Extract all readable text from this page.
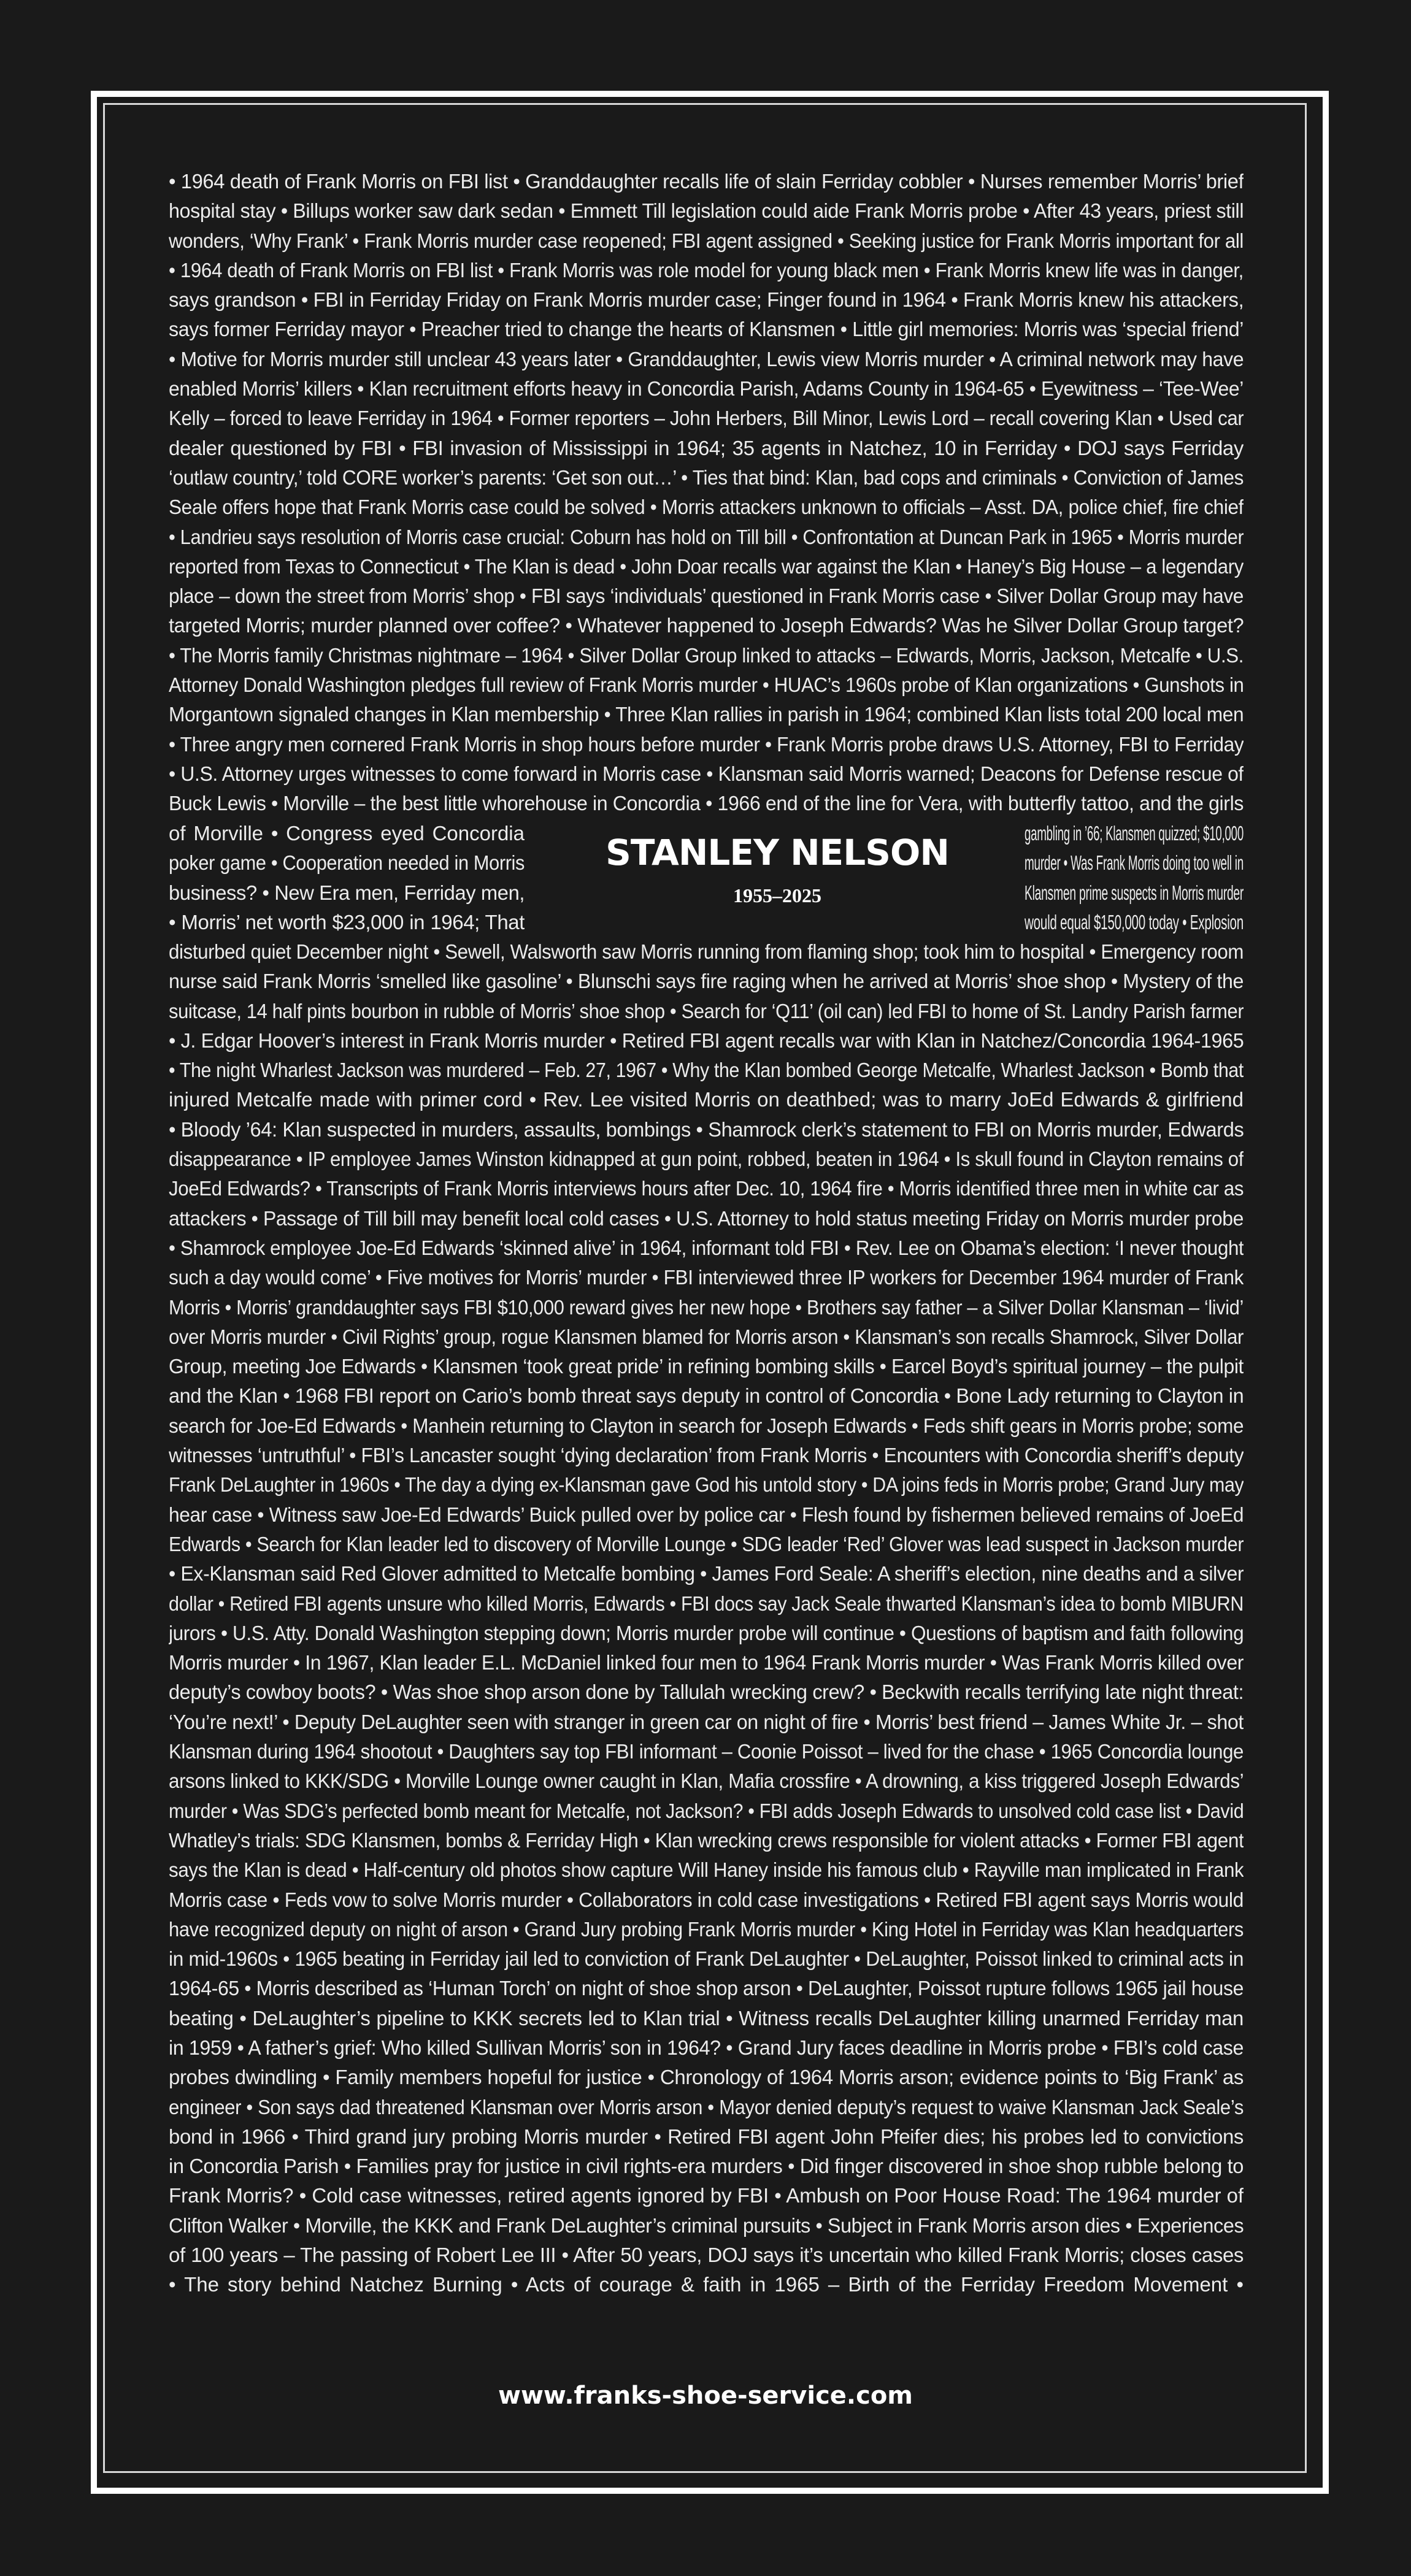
• 1964 death of Frank Morris on FBI list • Granddaughter recalls life of slain Ferriday cobbler • Nurses remember Morris’ brief
hospital stay • Billups worker saw dark sedan • Emmett Till legislation could aide Frank Morris probe • After 43 years, priest still
wonders, ‘Why Frank’ • Frank Morris murder case reopened; FBI agent assigned • Seeking justice for Frank Morris important for all
• 1964 death of Frank Morris on FBI list • Frank Morris was role model for young black men • Frank Morris knew life was in danger,
says grandson • FBI in Ferriday Friday on Frank Morris murder case; Finger found in 1964 • Frank Morris knew his attackers,
says former Ferriday mayor • Preacher tried to change the hearts of Klansmen • Little girl memories: Morris was ‘special friend’
• Motive for Morris murder still unclear 43 years later • Granddaughter, Lewis view Morris murder • A criminal network may have
enabled Morris’ killers • Klan recruitment efforts heavy in Concordia Parish, Adams County in 1964-65 • Eyewitness – ‘Tee-Wee’
Kelly – forced to leave Ferriday in 1964 • Former reporters – John Herbers, Bill Minor, Lewis Lord – recall covering Klan • Used car
dealer questioned by FBI • FBI invasion of Mississippi in 1964; 35 agents in Natchez, 10 in Ferriday • DOJ says Ferriday
‘outlaw country,’ told CORE worker’s parents: ‘Get son out…’ • Ties that bind: Klan, bad cops and criminals • Conviction of James
Seale offers hope that Frank Morris case could be solved • Morris attackers unknown to officials – Asst. DA, police chief, fire chief
• Landrieu says resolution of Morris case crucial: Coburn has hold on Till bill • Confrontation at Duncan Park in 1965 • Morris murder
reported from Texas to Connecticut • The Klan is dead • John Doar recalls war against the Klan • Haney’s Big House – a legendary
place – down the street from Morris’ shop • FBI says ‘individuals’ questioned in Frank Morris case • Silver Dollar Group may have
targeted Morris; murder planned over coffee? • Whatever happened to Joseph Edwards? Was he Silver Dollar Group target?
• The Morris family Christmas nightmare – 1964 • Silver Dollar Group linked to attacks – Edwards, Morris, Jackson, Metcalfe • U.S.
Attorney Donald Washington pledges full review of Frank Morris murder • HUAC’s 1960s probe of Klan organizations • Gunshots in
Morgantown signaled changes in Klan membership • Three Klan rallies in parish in 1964; combined Klan lists total 200 local men
• Three angry men cornered Frank Morris in shop hours before murder • Frank Morris probe draws U.S. Attorney, FBI to Ferriday
• U.S. Attorney urges witnesses to come forward in Morris case • Klansman said Morris warned; Deacons for Defense rescue of
Buck Lewis • Morville – the best little whorehouse in Concordia • 1966 end of the line for Vera, with butterfly tattoo, and the girls
of Morville • Congress eyed Concordia
poker game • Cooperation needed in Morris
business? • New Era men, Ferriday men,
• Morris’ net worth $23,000 in 1964; That
STANLEY NELSON
1955–2025
gambling in ’66; Klansmen quizzed; $10,000
murder • Was Frank Morris doing too well in
Klansmen prime suspects in Morris murder
would equal $150,000 today • Explosion
disturbed quiet December night • Sewell, Walsworth saw Morris running from flaming shop; took him to hospital • Emergency room
nurse said Frank Morris ‘smelled like gasoline’ • Blunschi says fire raging when he arrived at Morris’ shoe shop • Mystery of the
suitcase, 14 half pints bourbon in rubble of Morris’ shoe shop • Search for ‘Q11’ (oil can) led FBI to home of St. Landry Parish farmer
• J. Edgar Hoover’s interest in Frank Morris murder • Retired FBI agent recalls war with Klan in Natchez/Concordia 1964-1965
• The night Wharlest Jackson was murdered – Feb. 27, 1967 • Why the Klan bombed George Metcalfe, Wharlest Jackson • Bomb that
injured Metcalfe made with primer cord • Rev. Lee visited Morris on deathbed; was to marry JoEd Edwards & girlfriend
• Bloody ’64: Klan suspected in murders, assaults, bombings • Shamrock clerk’s statement to FBI on Morris murder, Edwards
disappearance • IP employee James Winston kidnapped at gun point, robbed, beaten in 1964 • Is skull found in Clayton remains of
JoeEd Edwards? • Transcripts of Frank Morris interviews hours after Dec. 10, 1964 fire • Morris identified three men in white car as
attackers • Passage of Till bill may benefit local cold cases • U.S. Attorney to hold status meeting Friday on Morris murder probe
• Shamrock employee Joe-Ed Edwards ‘skinned alive’ in 1964, informant told FBI • Rev. Lee on Obama’s election: ‘I never thought
such a day would come’ • Five motives for Morris’ murder • FBI interviewed three IP workers for December 1964 murder of Frank
Morris • Morris’ granddaughter says FBI $10,000 reward gives her new hope • Brothers say father – a Silver Dollar Klansman – ‘livid’
over Morris murder • Civil Rights’ group, rogue Klansmen blamed for Morris arson • Klansman’s son recalls Shamrock, Silver Dollar
Group, meeting Joe Edwards • Klansmen ‘took great pride’ in refining bombing skills • Earcel Boyd’s spiritual journey – the pulpit
and the Klan • 1968 FBI report on Cario’s bomb threat says deputy in control of Concordia • Bone Lady returning to Clayton in
search for Joe-Ed Edwards • Manhein returning to Clayton in search for Joseph Edwards • Feds shift gears in Morris probe; some
witnesses ‘untruthful’ • FBI’s Lancaster sought ‘dying declaration’ from Frank Morris • Encounters with Concordia sheriff’s deputy
Frank DeLaughter in 1960s • The day a dying ex-Klansman gave God his untold story • DA joins feds in Morris probe; Grand Jury may
hear case • Witness saw Joe-Ed Edwards’ Buick pulled over by police car • Flesh found by fishermen believed remains of JoeEd
Edwards • Search for Klan leader led to discovery of Morville Lounge • SDG leader ‘Red’ Glover was lead suspect in Jackson murder
• Ex-Klansman said Red Glover admitted to Metcalfe bombing • James Ford Seale: A sheriff’s election, nine deaths and a silver
dollar • Retired FBI agents unsure who killed Morris, Edwards • FBI docs say Jack Seale thwarted Klansman’s idea to bomb MIBURN
jurors • U.S. Atty. Donald Washington stepping down; Morris murder probe will continue • Questions of baptism and faith following
Morris murder • In 1967, Klan leader E.L. McDaniel linked four men to 1964 Frank Morris murder • Was Frank Morris killed over
deputy’s cowboy boots? • Was shoe shop arson done by Tallulah wrecking crew? • Beckwith recalls terrifying late night threat:
‘You’re next!’ • Deputy DeLaughter seen with stranger in green car on night of fire • Morris’ best friend – James White Jr. – shot
Klansman during 1964 shootout • Daughters say top FBI informant – Coonie Poissot – lived for the chase • 1965 Concordia lounge
arsons linked to KKK/SDG • Morville Lounge owner caught in Klan, Mafia crossfire • A drowning, a kiss triggered Joseph Edwards’
murder • Was SDG’s perfected bomb meant for Metcalfe, not Jackson? • FBI adds Joseph Edwards to unsolved cold case list • David
Whatley’s trials: SDG Klansmen, bombs & Ferriday High • Klan wrecking crews responsible for violent attacks • Former FBI agent
says the Klan is dead • Half-century old photos show capture Will Haney inside his famous club • Rayville man implicated in Frank
Morris case • Feds vow to solve Morris murder • Collaborators in cold case investigations • Retired FBI agent says Morris would
have recognized deputy on night of arson • Grand Jury probing Frank Morris murder • King Hotel in Ferriday was Klan headquarters
in mid-1960s • 1965 beating in Ferriday jail led to conviction of Frank DeLaughter • DeLaughter, Poissot linked to criminal acts in
1964-65 • Morris described as ‘Human Torch’ on night of shoe shop arson • DeLaughter, Poissot rupture follows 1965 jail house
beating • DeLaughter’s pipeline to KKK secrets led to Klan trial • Witness recalls DeLaughter killing unarmed Ferriday man
in 1959 • A father’s grief: Who killed Sullivan Morris’ son in 1964? • Grand Jury faces deadline in Morris probe • FBI’s cold case
probes dwindling • Family members hopeful for justice • Chronology of 1964 Morris arson; evidence points to ‘Big Frank’ as
engineer • Son says dad threatened Klansman over Morris arson • Mayor denied deputy’s request to waive Klansman Jack Seale’s
bond in 1966 • Third grand jury probing Morris murder • Retired FBI agent John Pfeifer dies; his probes led to convictions
in Concordia Parish • Families pray for justice in civil rights-era murders • Did finger discovered in shoe shop rubble belong to
Frank Morris? • Cold case witnesses, retired agents ignored by FBI • Ambush on Poor House Road: The 1964 murder of
Clifton Walker • Morville, the KKK and Frank DeLaughter’s criminal pursuits • Subject in Frank Morris arson dies • Experiences
of 100 years – The passing of Robert Lee III • After 50 years, DOJ says it’s uncertain who killed Frank Morris; closes cases
• The story behind Natchez Burning • Acts of courage & faith in 1965 – Birth of the Ferriday Freedom Movement •
www.franks-shoe-service.com
